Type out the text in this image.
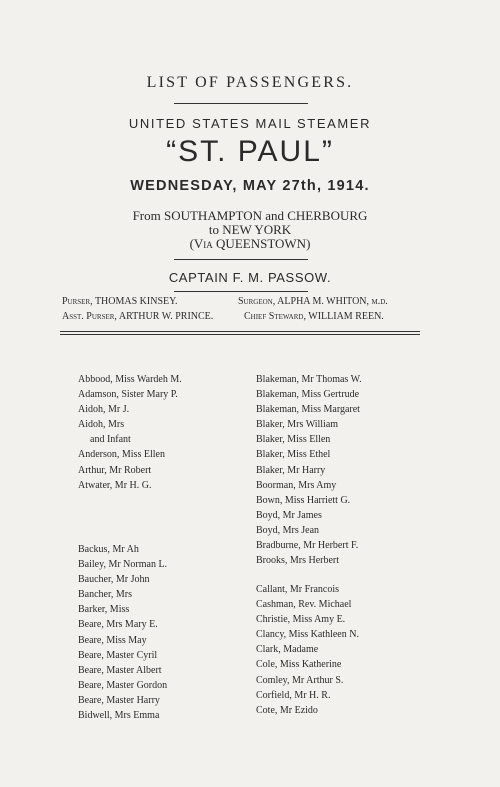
LIST OF PASSENGERS.
UNITED STATES MAIL STEAMER
“ST. PAUL”
WEDNESDAY, MAY 27th, 1914.
From SOUTHAMPTON and CHERBOURG
to NEW YORK
(Via QUEENSTOWN)
CAPTAIN F. M. PASSOW.
Purser, THOMAS KINSEY.	Surgeon, ALPHA M. WHITON, m.d.
Asst. Purser, ARTHUR W. PRINCE.	Chief Steward, WILLIAM REEN.
Abbood, Miss Wardeh M.
Adamson, Sister Mary P.
Aidoh, Mr J.
Aidoh, Mrs
and Infant
Anderson, Miss Ellen
Arthur, Mr Robert
Atwater, Mr H. G.
Backus, Mr Ah
Bailey, Mr Norman L.
Baucher, Mr John
Bancher, Mrs
Barker, Miss
Beare, Mrs Mary E.
Beare, Miss May
Beare, Master Cyril
Beare, Master Albert
Beare, Master Gordon
Beare, Master Harry
Bidwell, Mrs Emma
Blakeman, Mr Thomas W.
Blakeman, Miss Gertrude
Blakeman, Miss Margaret
Blaker, Mrs William
Blaker, Miss Ellen
Blaker, Miss Ethel
Blaker, Mr Harry
Boorman, Mrs Amy
Bown, Miss Harriett G.
Boyd, Mr James
Boyd, Mrs Jean
Bradburne, Mr Herbert F.
Brooks, Mrs Herbert
Callant, Mr Francois
Cashman, Rev. Michael
Christie, Miss Amy E.
Clancy, Miss Kathleen N.
Clark, Madame
Cole, Miss Katherine
Comley, Mr Arthur S.
Corfield, Mr H. R.
Cote, Mr Ezido
